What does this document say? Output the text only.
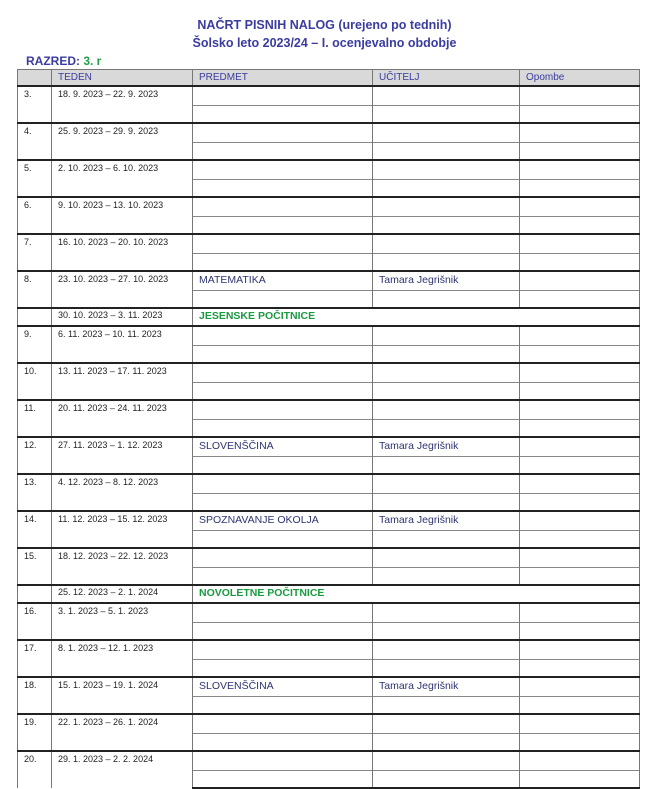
NAČRT PISNIH NALOG (urejeno po tednih)
Šolsko leto 2023/24 – I. ocenjevalno obdobje
RAZRED: 3. r
	TEDEN	PREDMET	UČITELJ	Opombe
3.	18. 9. 2023 – 22. 9. 2023			

4.	25. 9. 2023 – 29. 9. 2023			

5.	2. 10. 2023 – 6. 10. 2023			

6.	9. 10. 2023 – 13. 10. 2023			

7.	16. 10. 2023 – 20. 10. 2023			

8.	23. 10. 2023 – 27. 10. 2023	MATEMATIKA	Tamara Jegrišnik	

	30. 10. 2023 – 3. 11. 2023	JESENSKE POČITNICE		
9.	6. 11. 2023 – 10. 11. 2023			

10.	13. 11. 2023 – 17. 11. 2023			

11.	20. 11. 2023 – 24. 11. 2023			

12.	27. 11. 2023 – 1. 12. 2023	SLOVENŠČINA	Tamara Jegrišnik	

13.	4. 12. 2023 – 8. 12. 2023			

14.	11. 12. 2023 – 15. 12. 2023	SPOZNAVANJE OKOLJA	Tamara Jegrišnik	

15.	18. 12. 2023 – 22. 12. 2023			

	25. 12. 2023 – 2. 1. 2024	NOVOLETNE POČITNICE		
16.	3. 1. 2023 – 5. 1. 2023			

17.	8. 1. 2023 – 12. 1. 2023			

18.	15. 1. 2023 – 19. 1. 2024	SLOVENŠČINA	Tamara Jegrišnik	

19.	22. 1. 2023 – 26. 1. 2024			

20.	29. 1. 2023 – 2. 2. 2024			
